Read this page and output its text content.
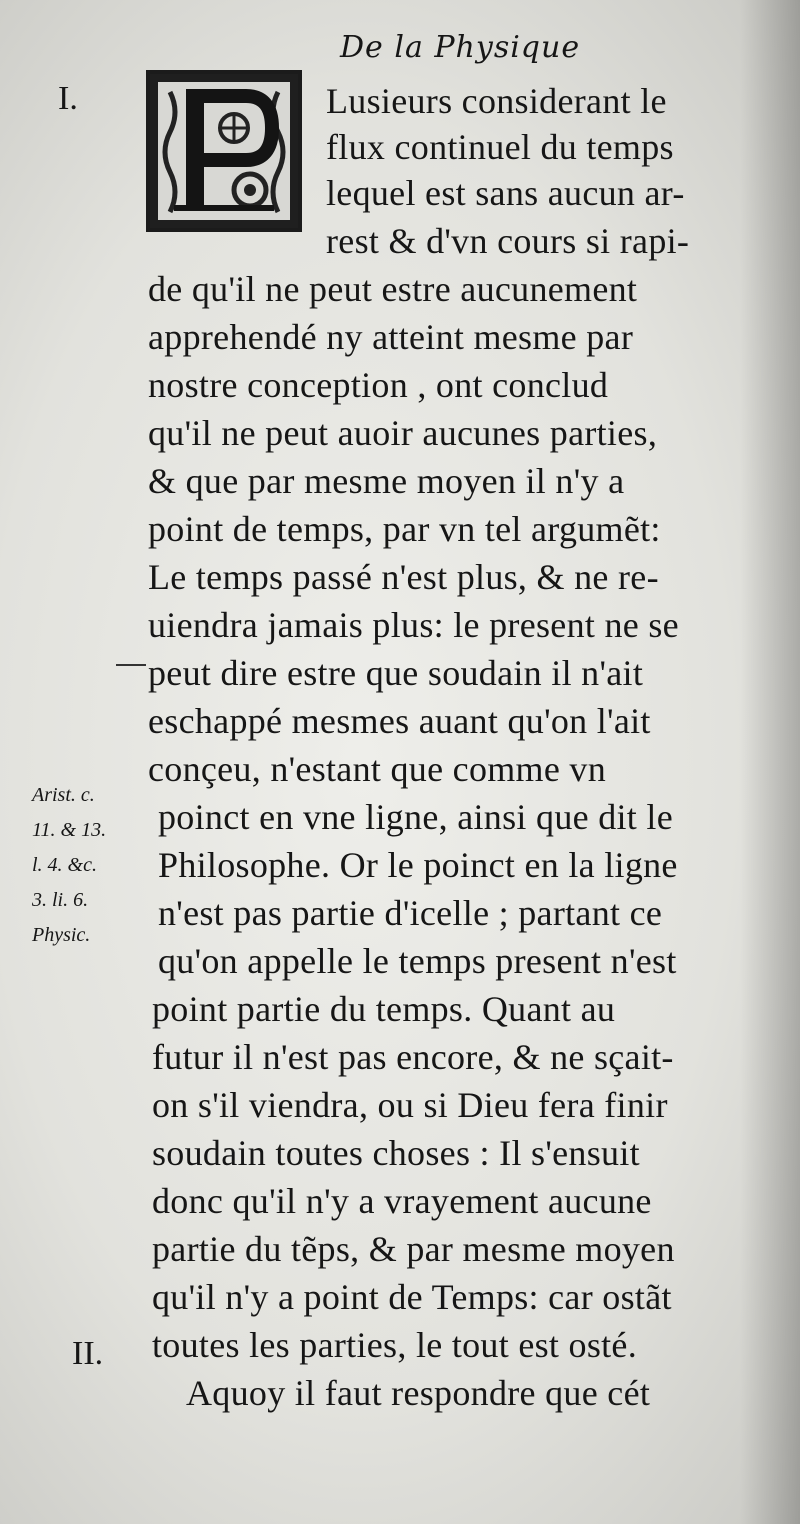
De la Physique
I.	Lusieurs considerant le
flux continuel du temps
lequel est sans aucun ar-
rest & d'vn cours si rapi-
de qu'il ne peut estre aucunement
apprehendé ny atteint mesme par
nostre conception , ont conclud
qu'il ne peut auoir aucunes parties,
& que par mesme moyen il n'y a
point de temps, par vn tel argumẽt:
Le temps passé n'est plus, & ne re-
uiendra jamais plus: le present ne se
peut dire estre que soudain il n'ait
eschappé mesmes auant qu'on l'ait
conçeu, n'estant que comme vn
poinct en vne ligne, ainsi que dit le
Philosophe. Or le poinct en la ligne
n'est pas partie d'icelle ; partant ce
qu'on appelle le temps present n'est
point partie du temps. Quant au
futur il n'est pas encore, & ne sçait-
on s'il viendra, ou si Dieu fera finir
soudain toutes choses : Il s'ensuit
donc qu'il n'y a vrayement aucune
partie du tẽps, & par mesme moyen
qu'il n'y a point de Temps: car ostãt
toutes les parties, le tout est osté.
II.
Aquoy il faut respondre que cét
Arist. c.
11. & 13.
l. 4. &c.
3. li. 6.
Physic.
